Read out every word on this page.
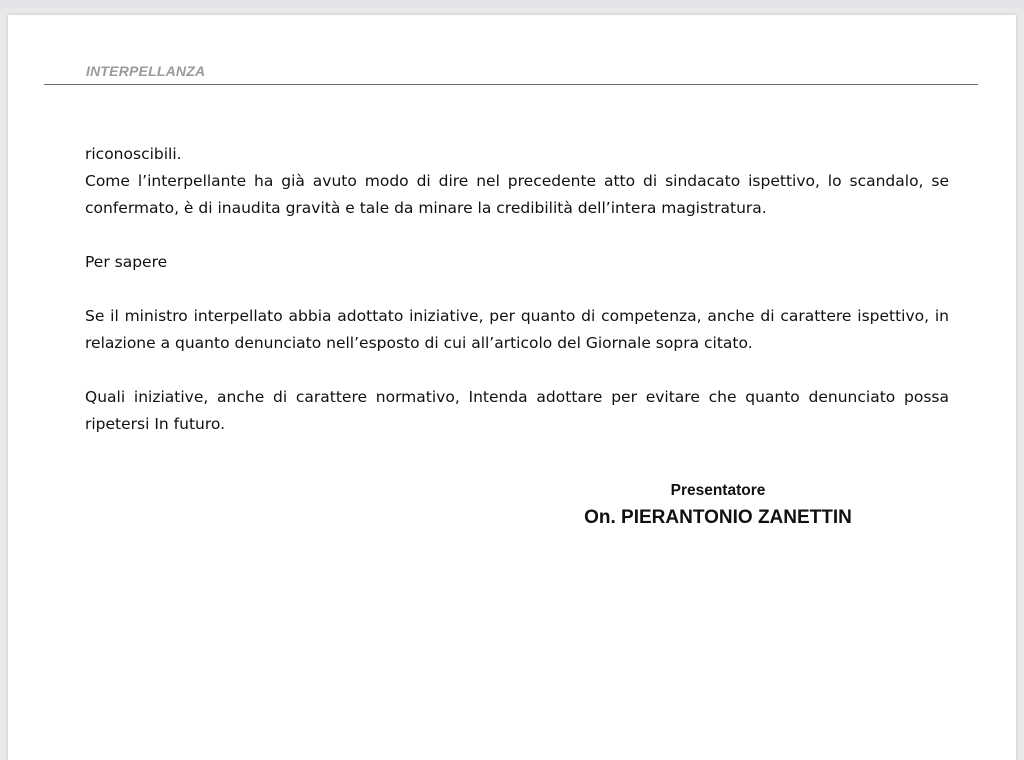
INTERPELLANZA

riconoscibili.

Come l’interpellante ha già avuto modo di dire nel precedente atto di sindacato ispettivo, lo scandalo, se confermato, è di inaudita gravità e tale da minare la credibilità dell’intera magistratura.

Per sapere

Se il ministro interpellato abbia adottato iniziative, per quanto di competenza, anche di carattere ispettivo, in relazione a quanto denunciato nell’esposto di cui all’articolo del Giornale sopra citato.

Quali iniziative, anche di carattere normativo, Intenda adottare per evitare che quanto denunciato possa ripetersi In futuro.

Presentatore
On. PIERANTONIO ZANETTIN
